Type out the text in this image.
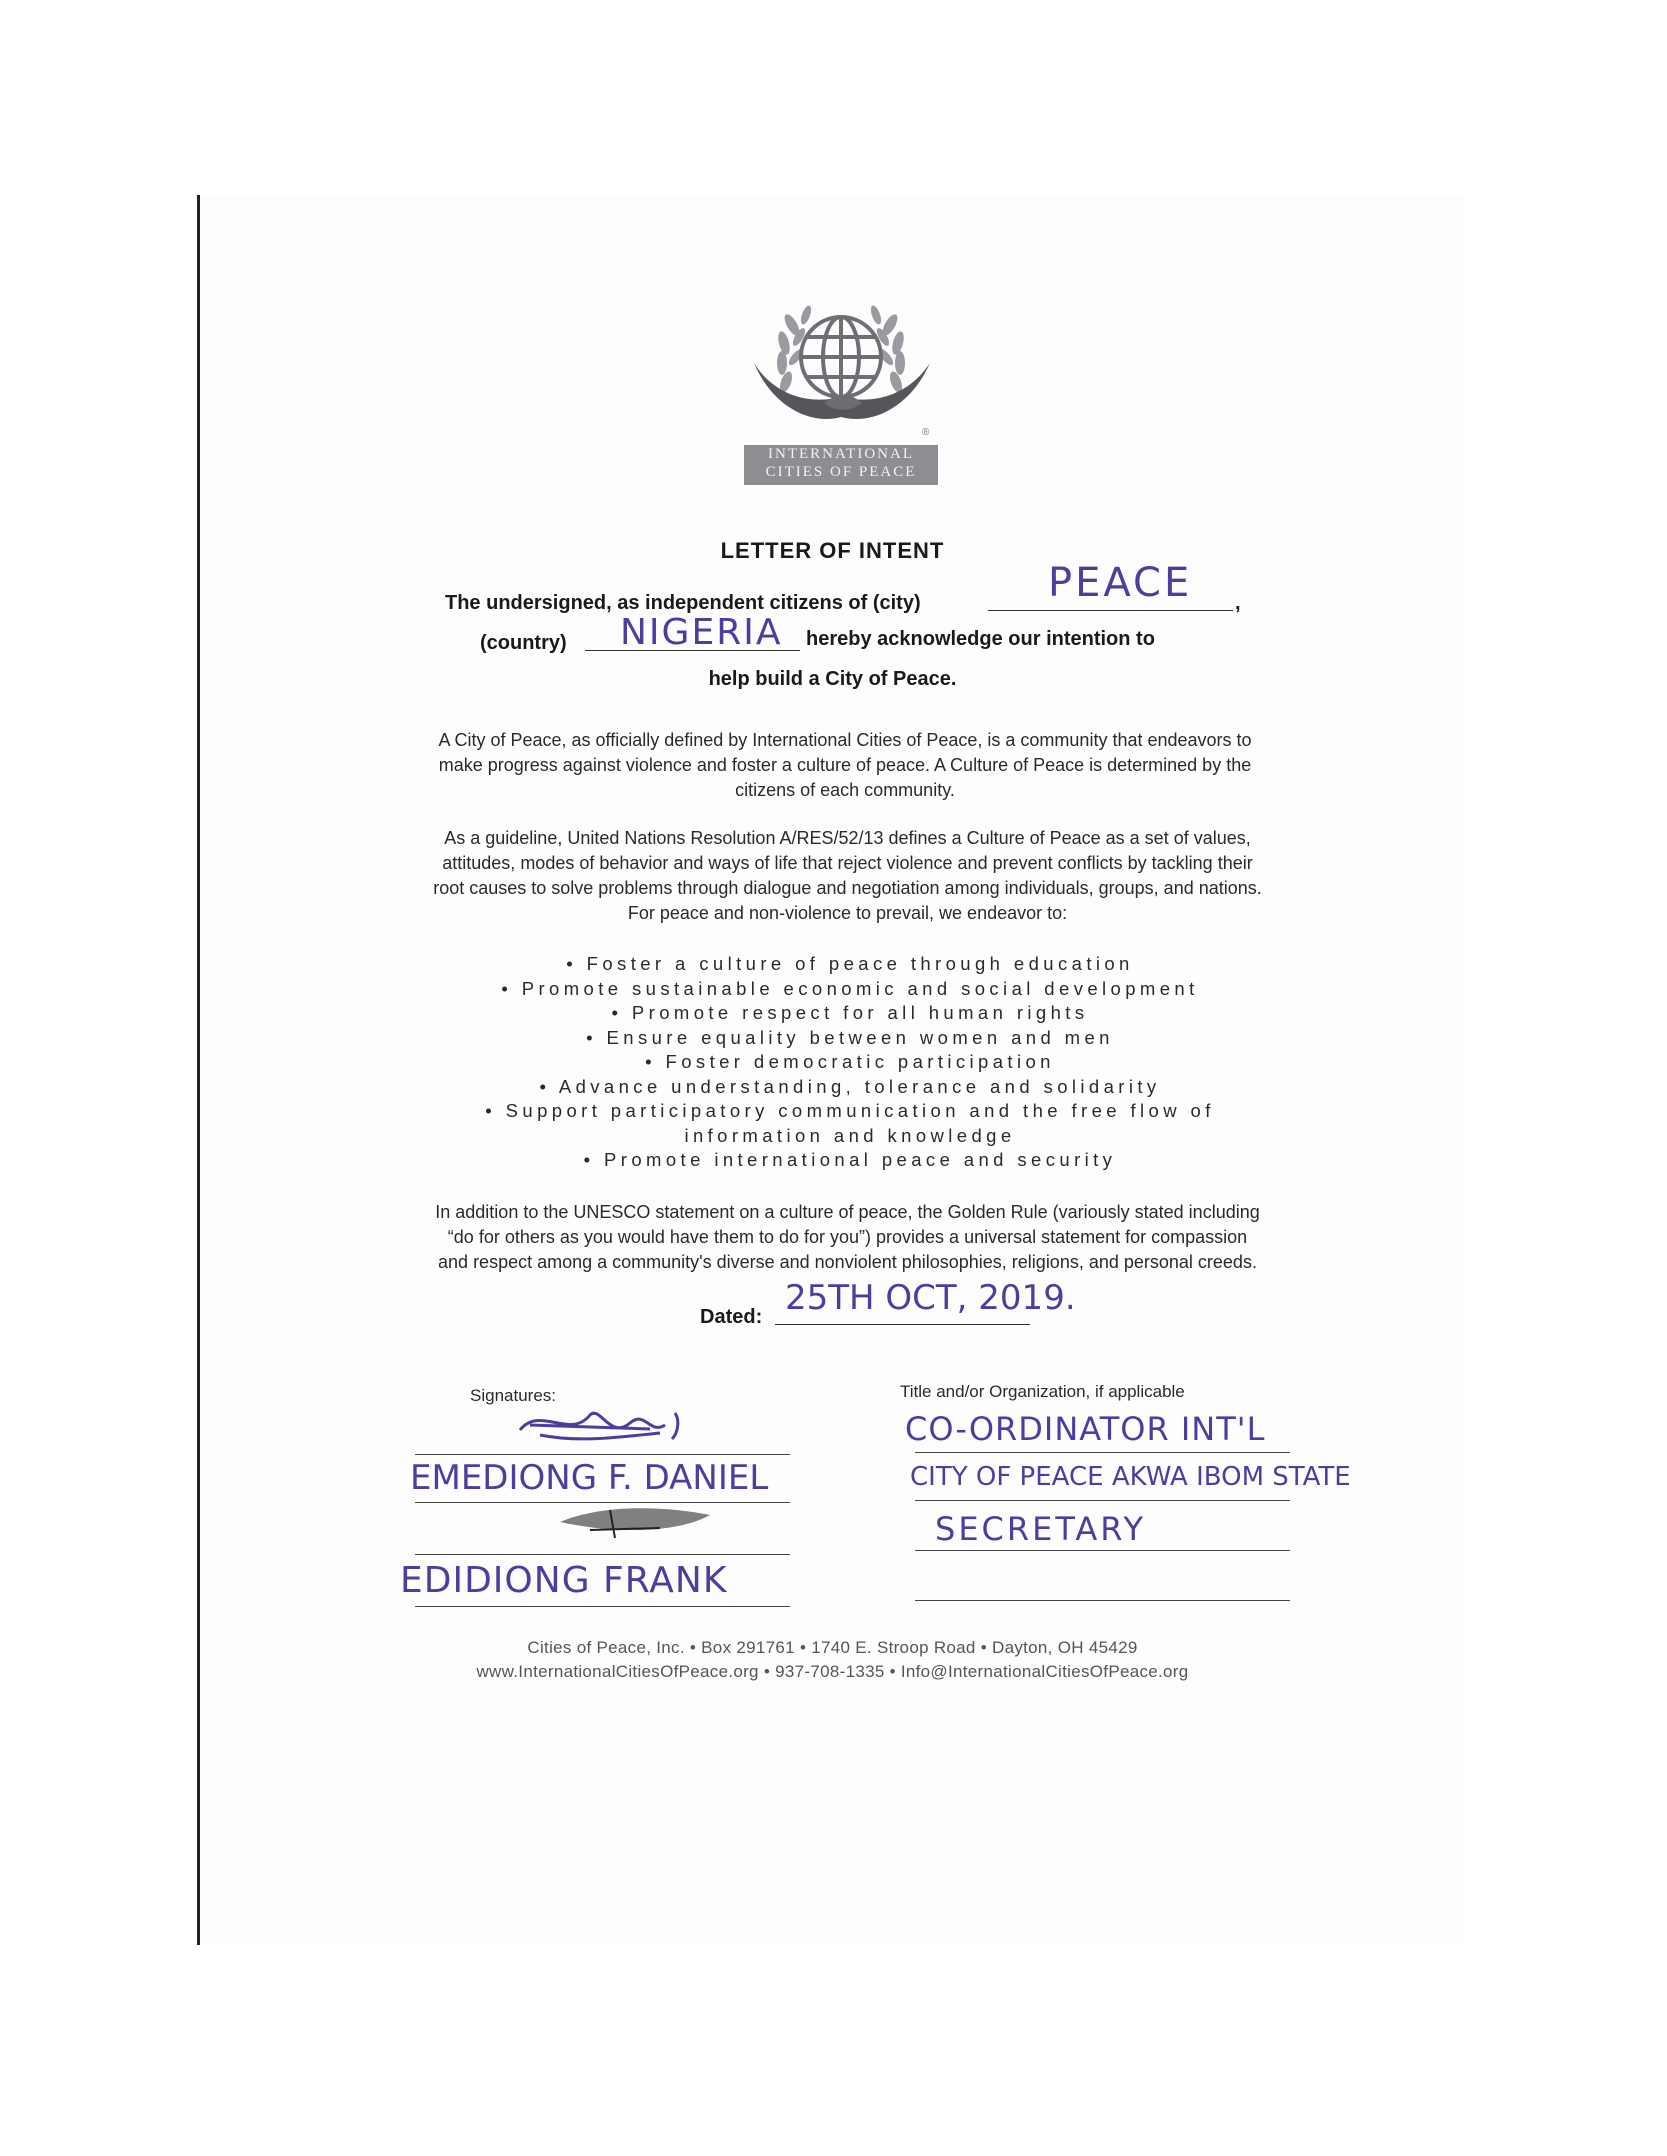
®
INTERNATIONAL
CITIES OF PEACE
LETTER OF INTENT
The undersigned, as independent citizens of (city)	PEACE ,
(country) NIGERIA hereby acknowledge our intention to
help build a City of Peace.
A City of Peace, as officially defined by International Cities of Peace, is a community that endeavors to
make progress against violence and foster a culture of peace. A Culture of Peace is determined by the
citizens of each community.
As a guideline, United Nations Resolution A/RES/52/13 defines a Culture of Peace as a set of values,
attitudes, modes of behavior and ways of life that reject violence and prevent conflicts by tackling their
root causes to solve problems through dialogue and negotiation among individuals, groups, and nations.
For peace and non-violence to prevail, we endeavor to:
• Foster a culture of peace through education
• Promote sustainable economic and social development
• Promote respect for all human rights
• Ensure equality between women and men
• Foster democratic participation
• Advance understanding, tolerance and solidarity
• Support participatory communication and the free flow of
information and knowledge
• Promote international peace and security
In addition to the UNESCO statement on a culture of peace, the Golden Rule (variously stated including
“do for others as you would have them to do for you”) provides a universal statement for compassion
and respect among a community's diverse and nonviolent philosophies, religions, and personal creeds.
Dated: 25TH OCT, 2019.
Signatures:
EMEDIONG F. DANIEL
EDIDIONG FRANK
Title and/or Organization, if applicable
CO-ORDINATOR INT'L
CITY OF PEACE AKWA IBOM STATE
SECRETARY
Cities of Peace, Inc. • Box 291761 • 1740 E. Stroop Road • Dayton, OH 45429
www.InternationalCitiesOfPeace.org • 937-708-1335 • Info@InternationalCitiesOfPeace.org
